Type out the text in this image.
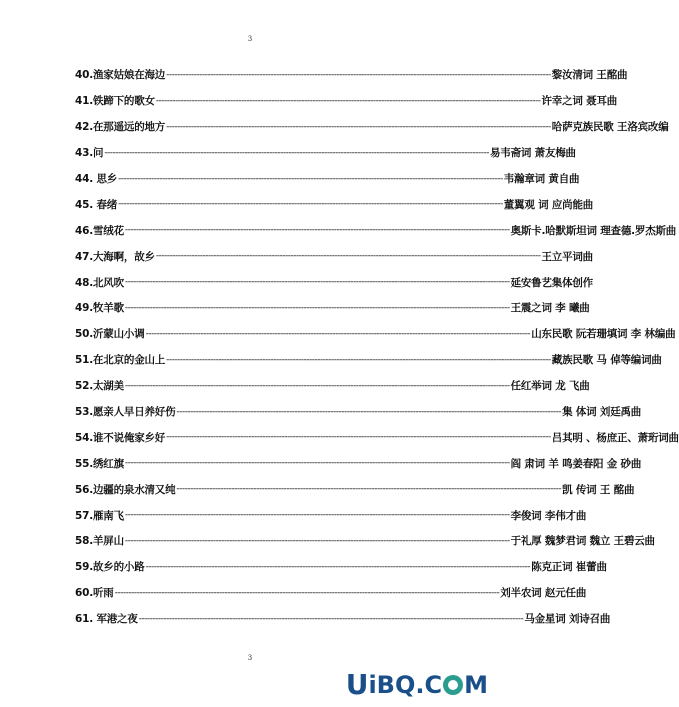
3
40.渔家姑娘在海边 -------------------------------------------------------------------------------------------------------------------------------------------- 黎汝清词 王酩曲
41.铁蹄下的歌女 -------------------------------------------------------------------------------------------------------------------------------------------- 许幸之词 聂耳曲
42.在那遥远的地方 -------------------------------------------------------------------------------------------------------------------------------------------- 哈萨克族民歌 王洛宾改编
43.问 -------------------------------------------------------------------------------------------------------------------------------------------- 易韦斋词 萧友梅曲
44. 思乡 -------------------------------------------------------------------------------------------------------------------------------------------- 韦瀚章词 黄自曲
45. 春绪 -------------------------------------------------------------------------------------------------------------------------------------------- 董翼观 词 应尚能曲
46.雪绒花 -------------------------------------------------------------------------------------------------------------------------------------------- 奥斯卡.哈默斯坦词 理查德.罗杰斯曲
47.大海啊，故乡 -------------------------------------------------------------------------------------------------------------------------------------------- 王立平词曲
48.北风吹 -------------------------------------------------------------------------------------------------------------------------------------------- 延安鲁艺集体创作
49.牧羊歌 -------------------------------------------------------------------------------------------------------------------------------------------- 王震之词 李 曦曲
50.沂蒙山小调 -------------------------------------------------------------------------------------------------------------------------------------------- 山东民歌 阮若珊填词 李 林编曲
51.在北京的金山上 -------------------------------------------------------------------------------------------------------------------------------------------- 藏族民歌 马 倬等编词曲
52.太湖美 -------------------------------------------------------------------------------------------------------------------------------------------- 任红举词 龙 飞曲
53.愿亲人早日养好伤 -------------------------------------------------------------------------------------------------------------------------------------------- 集 体词 刘廷禹曲
54.谁不说俺家乡好 -------------------------------------------------------------------------------------------------------------------------------------------- 吕其明 、杨庶正、萧珩词曲
55.绣红旗 -------------------------------------------------------------------------------------------------------------------------------------------- 阎 肃词 羊 鸣姜春阳 金 砂曲
56.边疆的泉水清又纯 -------------------------------------------------------------------------------------------------------------------------------------------- 凯 传词 王 酩曲
57.雁南飞 -------------------------------------------------------------------------------------------------------------------------------------------- 李俊词 李伟才曲
58.羊屏山 -------------------------------------------------------------------------------------------------------------------------------------------- 于礼厚 魏梦君词 魏立 王碧云曲
59.故乡的小路 -------------------------------------------------------------------------------------------------------------------------------------------- 陈克正词 崔蕾曲
60.听雨 -------------------------------------------------------------------------------------------------------------------------------------------- 刘半农词 赵元任曲
61. 军港之夜 -------------------------------------------------------------------------------------------------------------------------------------------- 马金星词 刘诗召曲
3
U i BQ.C M
